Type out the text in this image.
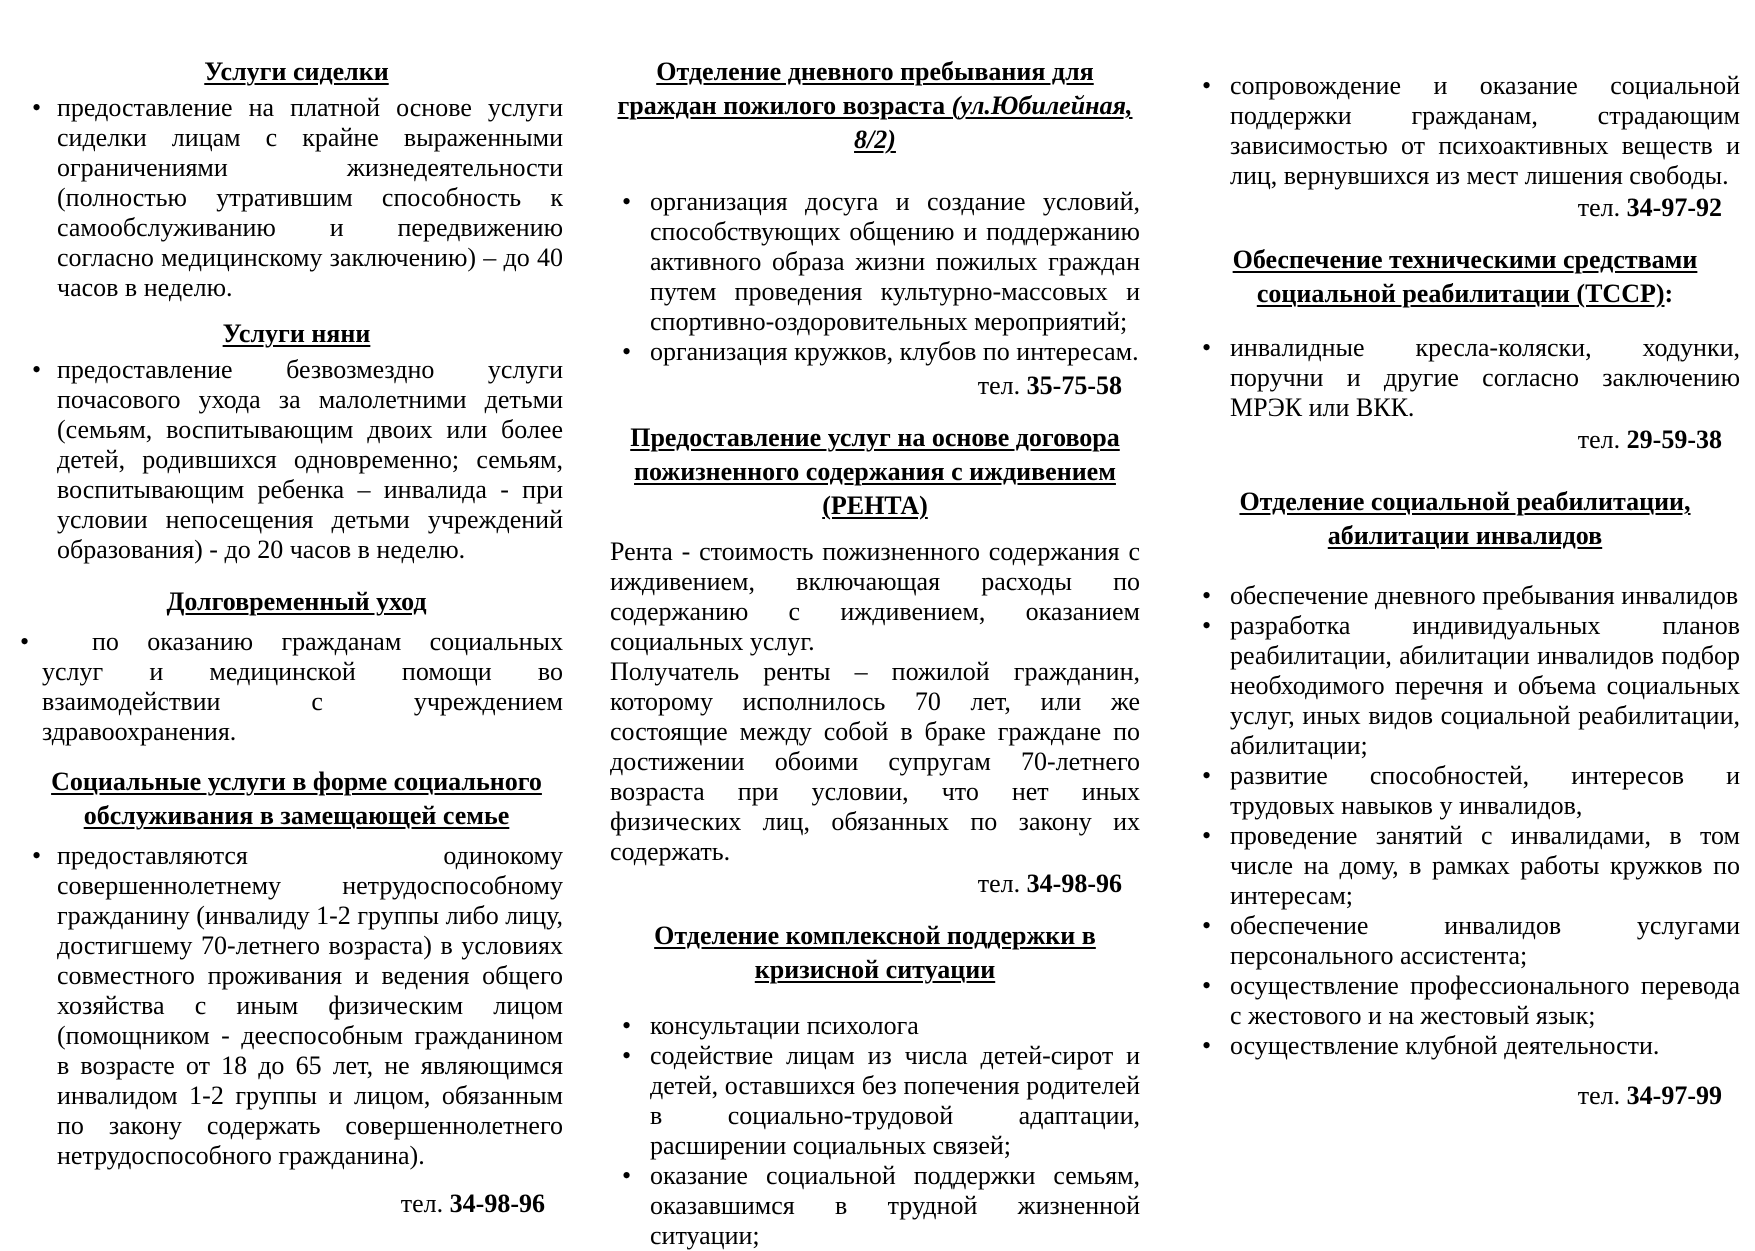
Услуги сиделки
• предоставление на платной основе услуги сиделки лицам с крайне выраженными ограничениями жизнедеятельности (полностью утратившим способность к самообслуживанию и передвижению согласно медицинскому заключению) – до 40 часов в неделю.
Услуги няни
• предоставление безвозмездно услуги почасового ухода за малолетними детьми (семьям, воспитывающим двоих или более детей, родившихся одновременно; семьям, воспитывающим ребенка – инвалида - при условии непосещения детьми учреждений образования) - до 20 часов в неделю.
Долговременный уход
• по оказанию гражданам социальных услуг и медицинской помощи во взаимодействии с учреждением здравоохранения.
Социальные услуги в форме социального обслуживания в замещающей семье
• предоставляются одинокому совершеннолетнему нетрудоспособному гражданину (инвалиду 1-2 группы либо лицу, достигшему 70-летнего возраста) в условиях совместного проживания и ведения общего хозяйства с иным физическим лицом (помощником - дееспособным гражданином в возрасте от 18 до 65 лет, не являющимся инвалидом 1-2 группы и лицом, обязанным по закону содержать совершеннолетнего нетрудоспособного гражданина).
тел. 34-98-96
Отделение дневного пребывания для граждан пожилого возраста (ул.Юбилейная, 8/2)
• организация досуга и создание условий, способствующих общению и поддержанию активного образа жизни пожилых граждан путем проведения культурно-массовых и спортивно-оздоровительных мероприятий;
• организация кружков, клубов по интересам.
тел. 35-75-58
Предоставление услуг на основе договора пожизненного содержания с иждивением (РЕНТА)
Рента - стоимость пожизненного содержания с иждивением, включающая расходы по содержанию с иждивением, оказанием социальных услуг.
Получатель ренты – пожилой гражданин, которому исполнилось 70 лет, или же состоящие между собой в браке граждане по достижении обоими супругам 70-летнего возраста при условии, что нет иных физических лиц, обязанных по закону их содержать.
тел. 34-98-96
Отделение комплексной поддержки в кризисной ситуации
• консультации психолога
• содействие лицам из числа детей-сирот и детей, оставшихся без попечения родителей в социально-трудовой адаптации, расширении социальных связей;
• оказание социальной поддержки семьям, оказавшимся в трудной жизненной ситуации;
• сопровождение и оказание социальной поддержки гражданам, страдающим зависимостью от психоактивных веществ и лиц, вернувшихся из мест лишения свободы.
тел. 34-97-92
Обеспечение техническими средствами социальной реабилитации (ТССР):
• инвалидные кресла-коляски, ходунки, поручни и другие согласно заключению МРЭК или ВКК.
тел. 29-59-38
Отделение социальной реабилитации, абилитации инвалидов
• обеспечение дневного пребывания инвалидов
• разработка индивидуальных планов реабилитации, абилитации инвалидов подбор необходимого перечня и объема социальных услуг, иных видов социальной реабилитации, абилитации;
• развитие способностей, интересов и трудовых навыков у инвалидов,
• проведение занятий с инвалидами, в том числе на дому, в рамках работы кружков по интересам;
• обеспечение инвалидов услугами персонального ассистента;
• осуществление профессионального перевода с жестового и на жестовый язык;
• осуществление клубной деятельности.
тел. 34-97-99
